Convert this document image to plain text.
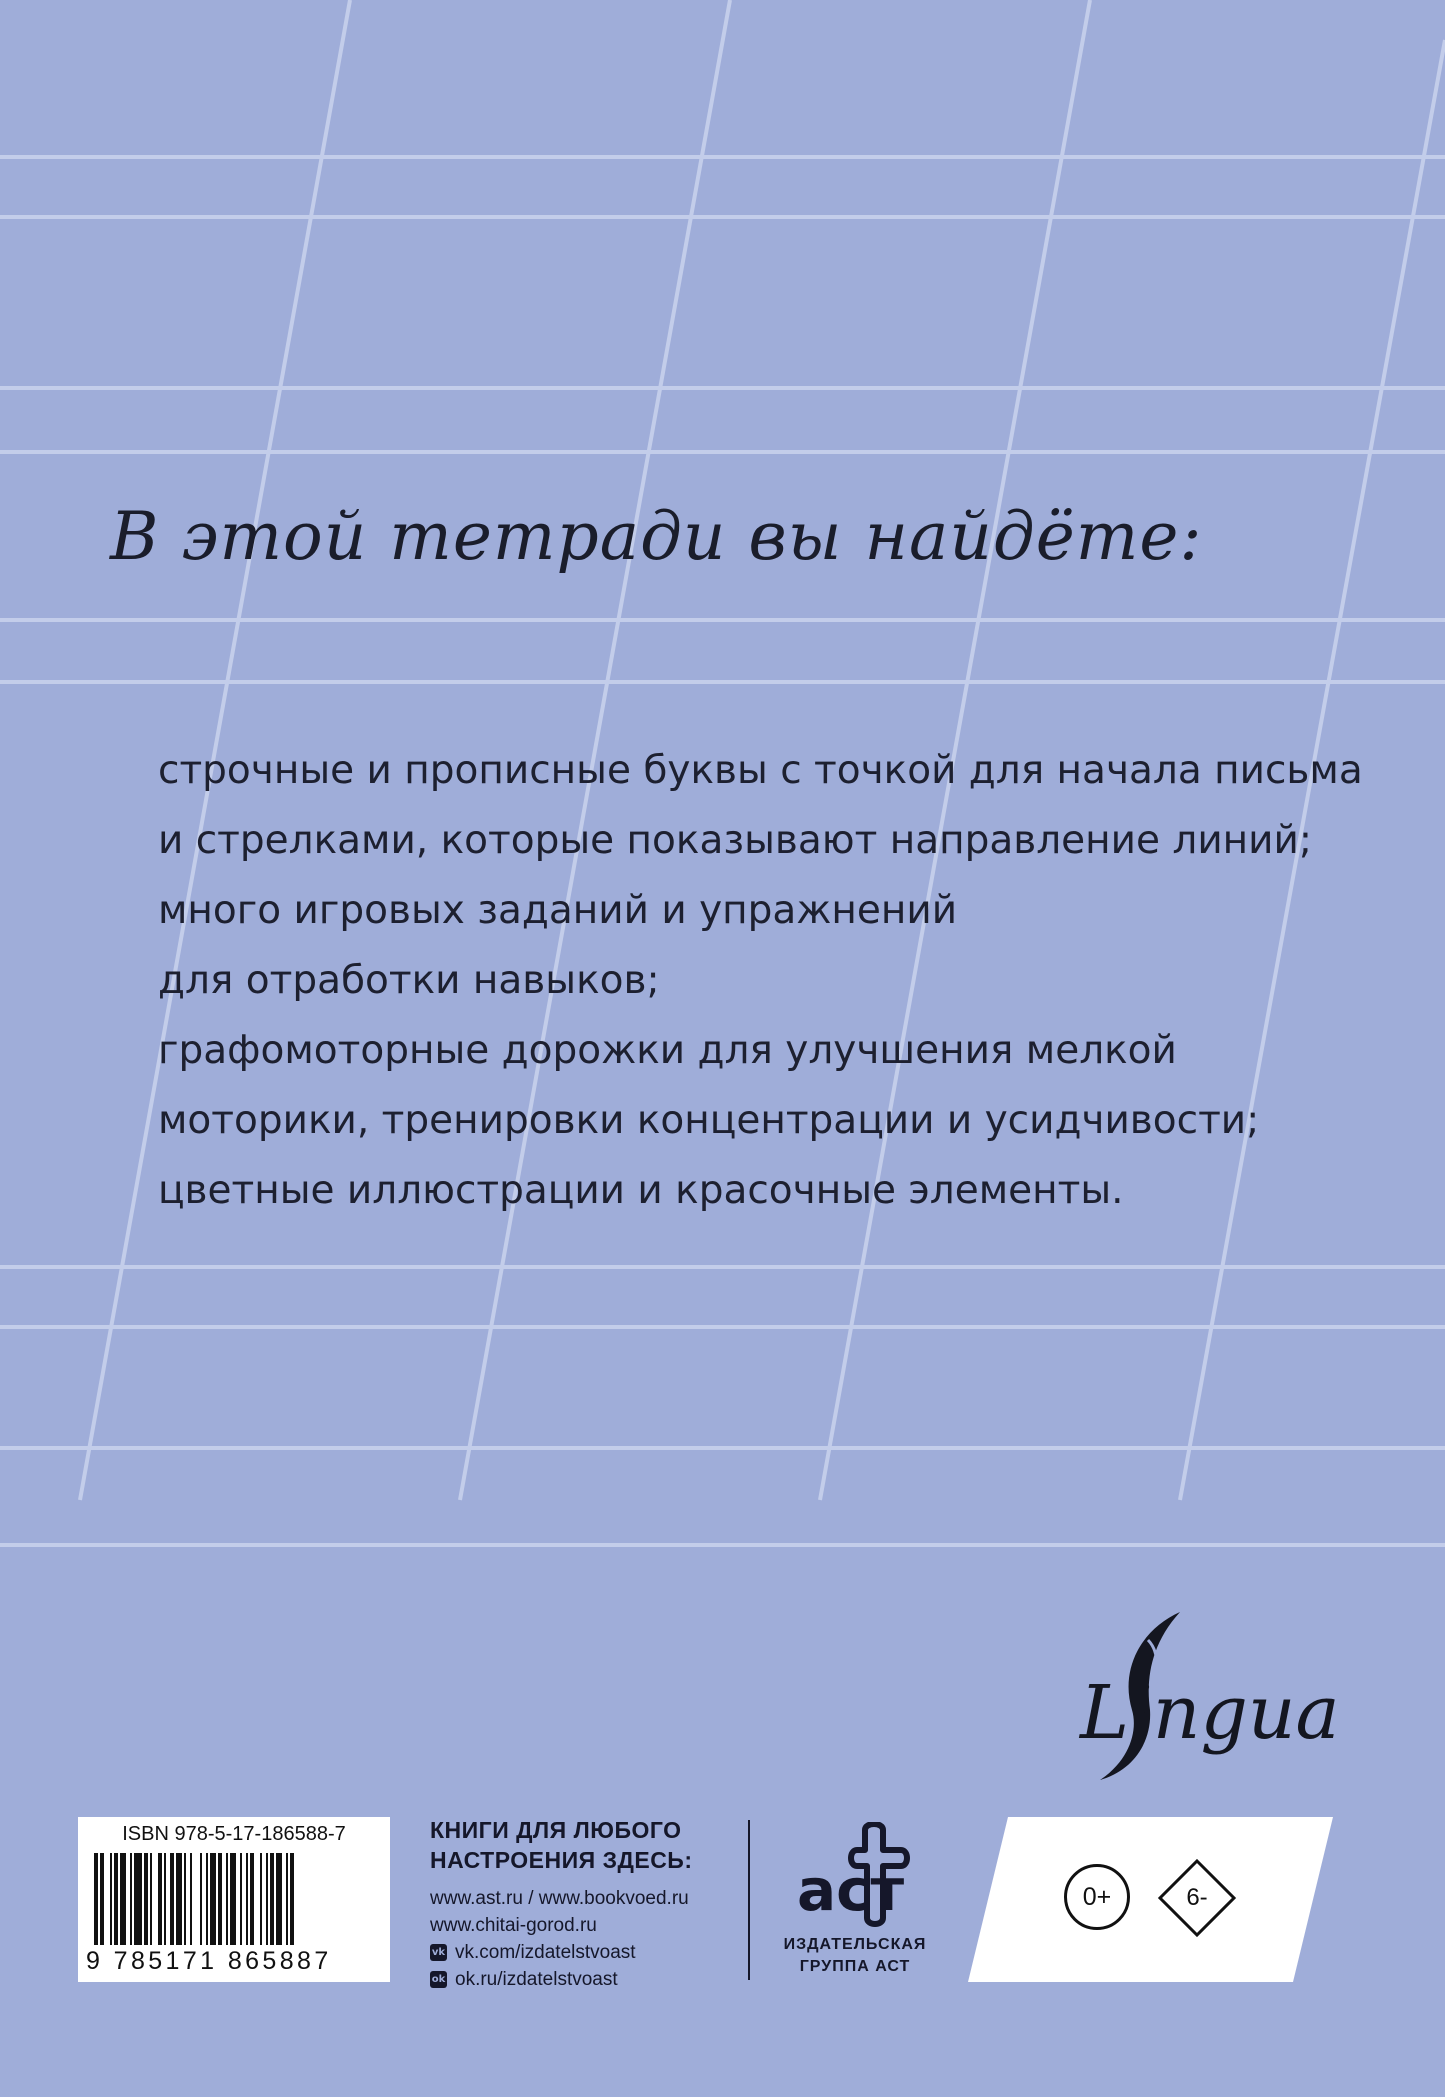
В этой тетради вы найдёте:
строчные и прописные буквы с точкой для начала письма
и стрелками, которые показывают направление линий;
много игровых заданий и упражнений
для отработки навыков;
графомоторные дорожки для улучшения мелкой
моторики, тренировки концентрации и усидчивости;
цветные иллюстрации и красочные элементы.
Lingua
ISBN 978-5-17-186588-7
9 785171 865887
КНИГИ ДЛЯ ЛЮБОГО
НАСТРОЕНИЯ ЗДЕСЬ:
www.ast.ru
/
www.bookvoed.ru
www.chitai-gorod.ru
vk vk.com/izdatelstvoast
ok ok.ru/izdatelstvoast
аст
ИЗДАТЕЛЬСКАЯ
ГРУППА АСТ
0+	6-
